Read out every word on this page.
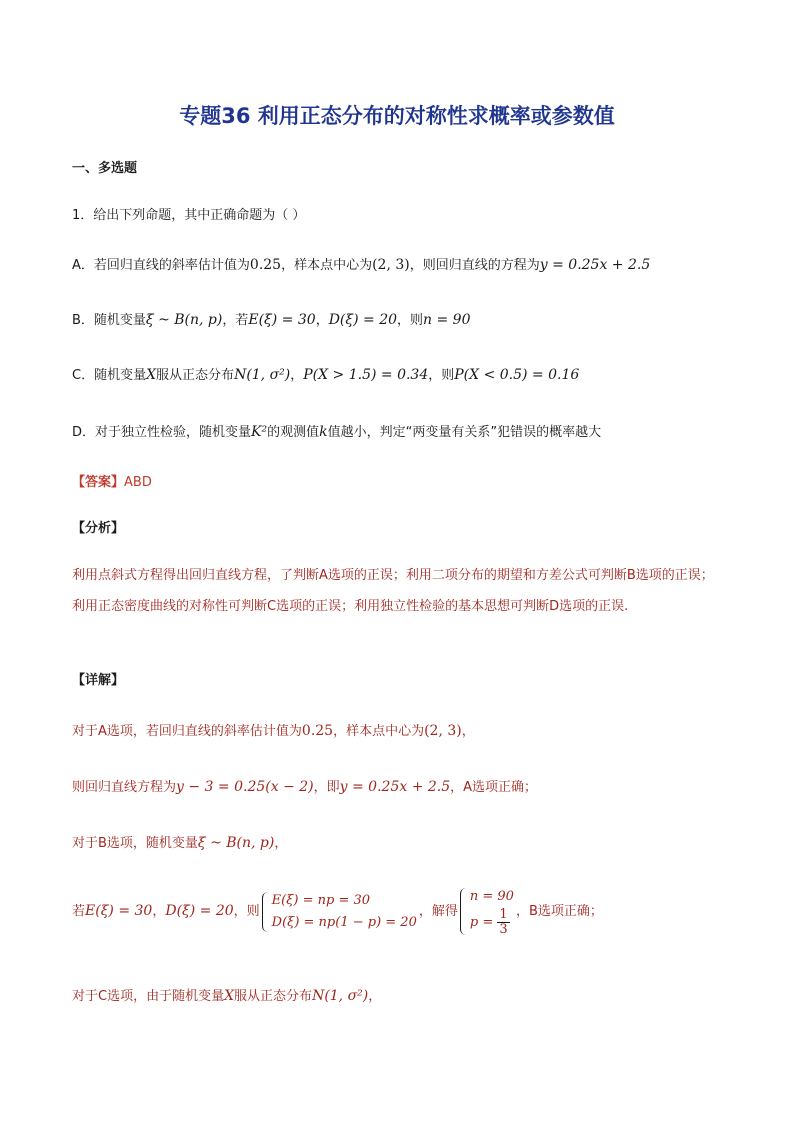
专题36 利用正态分布的对称性求概率或参数值
一、多选题
1．给出下列命题，其中正确命题为（ ）
A．若回归直线的斜率估计值为0.25，样本点中心为(2, 3)，则回归直线的方程为y = 0.25x + 2.5
B．随机变量ξ ~ B(n, p)，若E(ξ) = 30，D(ξ) = 20，则n = 90
C．随机变量X服从正态分布N(1, σ²)，P(X > 1.5) = 0.34，则P(X < 0.5) = 0.16
D．对于独立性检验，随机变量K²的观测值k值越小，判定“两变量有关系”犯错误的概率越大
【答案】ABD
【分析】
利用点斜式方程得出回归直线方程，了判断A选项的正误；利用二项分布的期望和方差公式可判断B选项的正误；利用正态密度曲线的对称性可判断C选项的正误；利用独立性检验的基本思想可判断D选项的正误.
【详解】
对于A选项，若回归直线的斜率估计值为0.25，样本点中心为(2, 3)，
则回归直线方程为y − 3 = 0.25(x − 2)，即y = 0.25x + 2.5，A选项正确；
对于B选项，随机变量ξ ~ B(n, p)，
若E(ξ) = 30，D(ξ) = 20，则
E(ξ) = np = 30
D(ξ) = np(1 − p) = 20
，解得
n = 90
$p = \frac{1}{3}$ ，B选项正确；
对于C选项，由于随机变量X服从正态分布N(1, σ²)，
